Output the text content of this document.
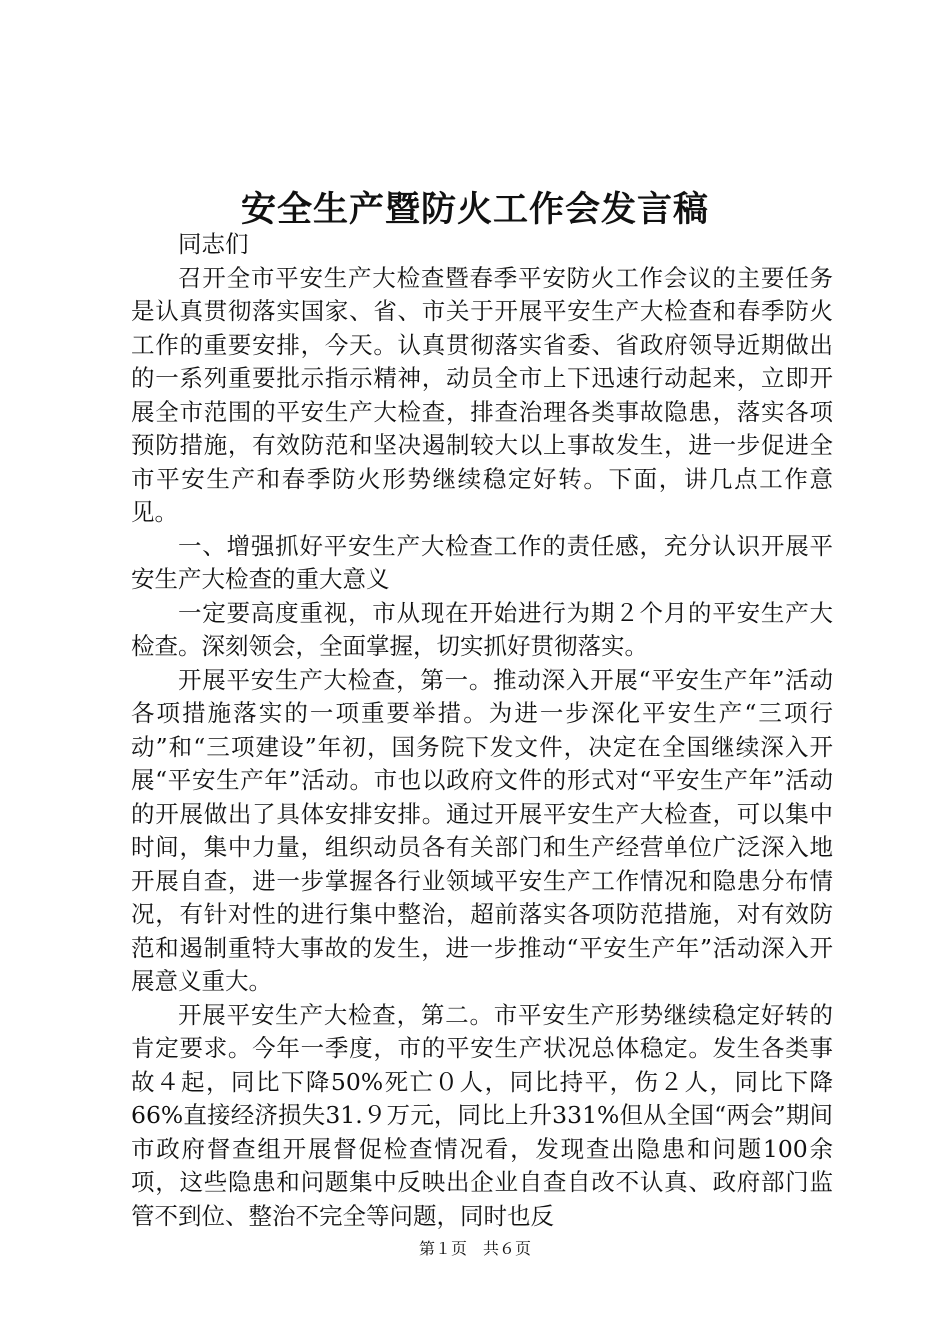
安全生产暨防火工作会发言稿

同志们

召开全市平安生产大检查暨春季平安防火工作会议的主要任务是认真贯彻落实国家、省、市关于开展平安生产大检查和春季防火工作的重要安排，今天。认真贯彻落实省委、省政府领导近期做出的一系列重要批示指示精神，动员全市上下迅速行动起来，立即开展全市范围的平安生产大检查，排查治理各类事故隐患，落实各项预防措施，有效防范和坚决遏制较大以上事故发生，进一步促进全市平安生产和春季防火形势继续稳定好转。下面，讲几点工作意见。

一、增强抓好平安生产大检查工作的责任感，充分认识开展平安生产大检查的重大意义

一定要高度重视，市从现在开始进行为期２个月的平安生产大检查。深刻领会，全面掌握，切实抓好贯彻落实。

开展平安生产大检查，第一。推动深入开展“平安生产年”活动各项措施落实的一项重要举措。为进一步深化平安生产“三项行动”和“三项建设”年初，国务院下发文件，决定在全国继续深入开展“平安生产年”活动。市也以政府文件的形式对“平安生产年”活动的开展做出了具体安排安排。通过开展平安生产大检查，可以集中时间，集中力量，组织动员各有关部门和生产经营单位广泛深入地开展自查，进一步掌握各行业领域平安生产工作情况和隐患分布情况，有针对性的进行集中整治，超前落实各项防范措施，对有效防范和遏制重特大事故的发生，进一步推动“平安生产年”活动深入开展意义重大。

开展平安生产大检查，第二。市平安生产形势继续稳定好转的肯定要求。今年一季度，市的平安生产状况总体稳定。发生各类事故４起，同比下降50%死亡０人，同比持平，伤２人，同比下降66%直接经济损失31.９万元，同比上升331%但从全国“两会”期间市政府督查组开展督促检查情况看，发现查出隐患和问题100余项，这些隐患和问题集中反映出企业自查自改不认真、政府部门监管不到位、整治不完全等问题，同时也反

第１页　共６页
